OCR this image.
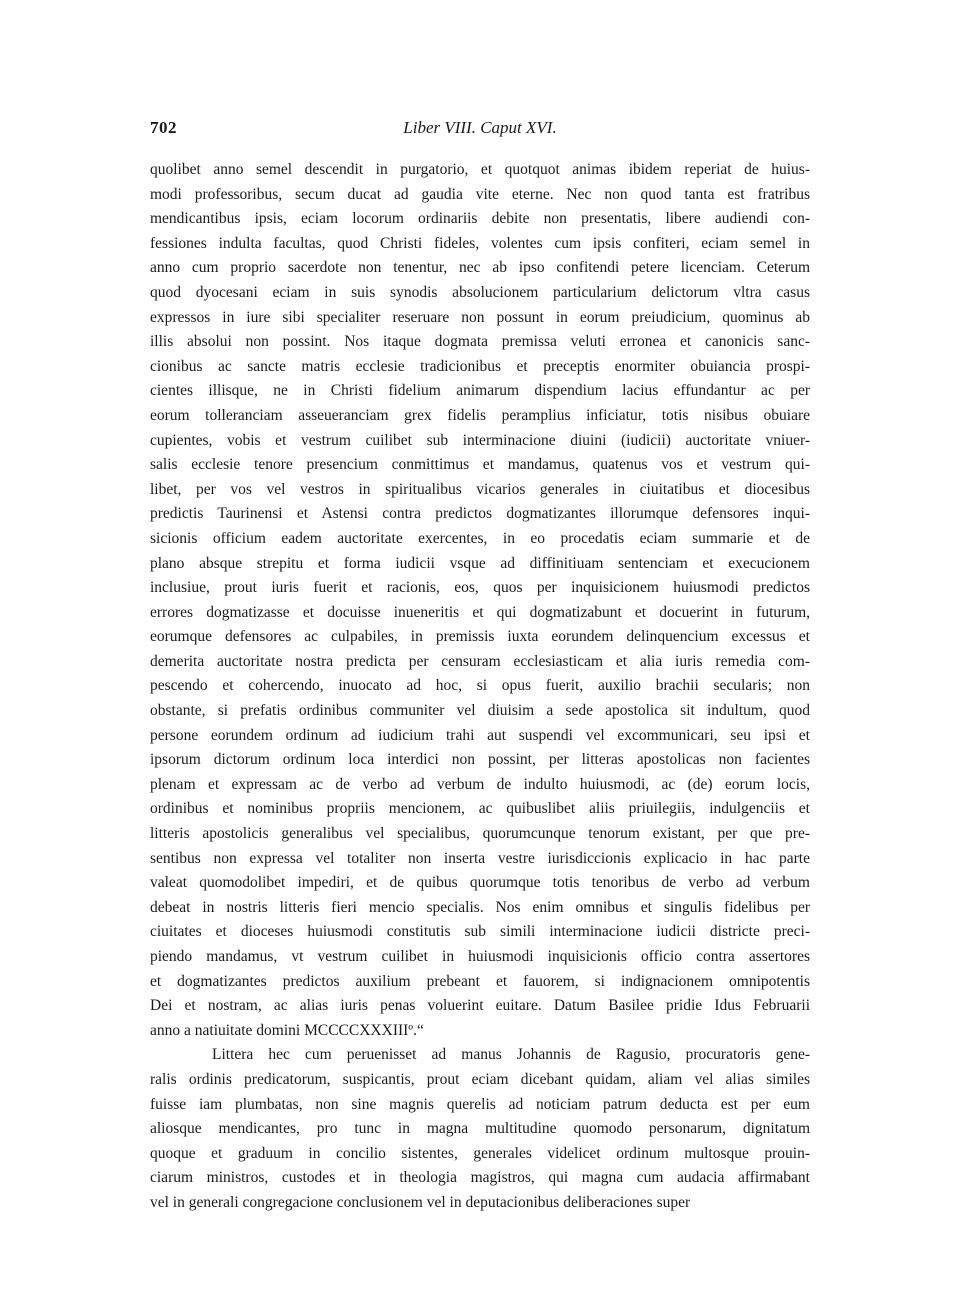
702	Liber VIII. Caput XVI.
quolibet anno semel descendit in purgatorio, et quotquot animas ibidem reperiat de huius-
modi professoribus, secum ducat ad gaudia vite eterne. Nec non quod tanta est fratribus
mendicantibus ipsis, eciam locorum ordinariis debite non presentatis, libere audiendi con-
fessiones indulta facultas, quod Christi fideles, volentes cum ipsis confiteri, eciam semel in
anno cum proprio sacerdote non tenentur, nec ab ipso confitendi petere licenciam. Ceterum
quod dyocesani eciam in suis synodis absolucionem particularium delictorum vltra casus
expressos in iure sibi specialiter reseruare non possunt in eorum preiudicium, quominus ab
illis absolui non possint. Nos itaque dogmata premissa veluti erronea et canonicis sanc-
cionibus ac sancte matris ecclesie tradicionibus et preceptis enormiter obuiancia prospi-
cientes illisque, ne in Christi fidelium animarum dispendium lacius effundantur ac per
eorum tolleranciam asseueranciam grex fidelis peramplius inficiatur, totis nisibus obuiare
cupientes, vobis et vestrum cuilibet sub interminacione diuini (iudicii) auctoritate vniuer-
salis ecclesie tenore presencium conmittimus et mandamus, quatenus vos et vestrum qui-
libet, per vos vel vestros in spiritualibus vicarios generales in ciuitatibus et diocesibus
predictis Taurinensi et Astensi contra predictos dogmatizantes illorumque defensores inqui-
sicionis officium eadem auctoritate exercentes, in eo procedatis eciam summarie et de
plano absque strepitu et forma iudicii vsque ad diffinitiuam sentenciam et execucionem
inclusiue, prout iuris fuerit et racionis, eos, quos per inquisicionem huiusmodi predictos
errores dogmatizasse et docuisse inueneritis et qui dogmatizabunt et docuerint in futurum,
eorumque defensores ac culpabiles, in premissis iuxta eorundem delinquencium excessus et
demerita auctoritate nostra predicta per censuram ecclesiasticam et alia iuris remedia com-
pescendo et cohercendo, inuocato ad hoc, si opus fuerit, auxilio brachii secularis; non
obstante, si prefatis ordinibus communiter vel diuisim a sede apostolica sit indultum, quod
persone eorundem ordinum ad iudicium trahi aut suspendi vel excommunicari, seu ipsi et
ipsorum dictorum ordinum loca interdici non possint, per litteras apostolicas non facientes
plenam et expressam ac de verbo ad verbum de indulto huiusmodi, ac (de) eorum locis,
ordinibus et nominibus propriis mencionem, ac quibuslibet aliis priuilegiis, indulgenciis et
litteris apostolicis generalibus vel specialibus, quorumcunque tenorum existant, per que pre-
sentibus non expressa vel totaliter non inserta vestre iurisdiccionis explicacio in hac parte
valeat quomodolibet impediri, et de quibus quorumque totis tenoribus de verbo ad verbum
debeat in nostris litteris fieri mencio specialis. Nos enim omnibus et singulis fidelibus per
ciuitates et dioceses huiusmodi constitutis sub simili interminacione iudicii districte preci-
piendo mandamus, vt vestrum cuilibet in huiusmodi inquisicionis officio contra assertores
et dogmatizantes predictos auxilium prebeant et fauorem, si indignacionem omnipotentis
Dei et nostram, ac alias iuris penas voluerint euitare. Datum Basilee pridie Idus Februarii
anno a natiuitate domini MCCCCXXXIIIº.“
Littera hec cum peruenisset ad manus Johannis de Ragusio, procuratoris gene-
ralis ordinis predicatorum, suspicantis, prout eciam dicebant quidam, aliam vel alias similes
fuisse iam plumbatas, non sine magnis querelis ad noticiam patrum deducta est per eum
aliosque mendicantes, pro tunc in magna multitudine quomodo personarum, dignitatum
quoque et graduum in concilio sistentes, generales videlicet ordinum multosque prouin-
ciarum ministros, custodes et in theologia magistros, qui magna cum audacia affirmabant
vel in generali congregacione conclusionem vel in deputacionibus deliberaciones super
